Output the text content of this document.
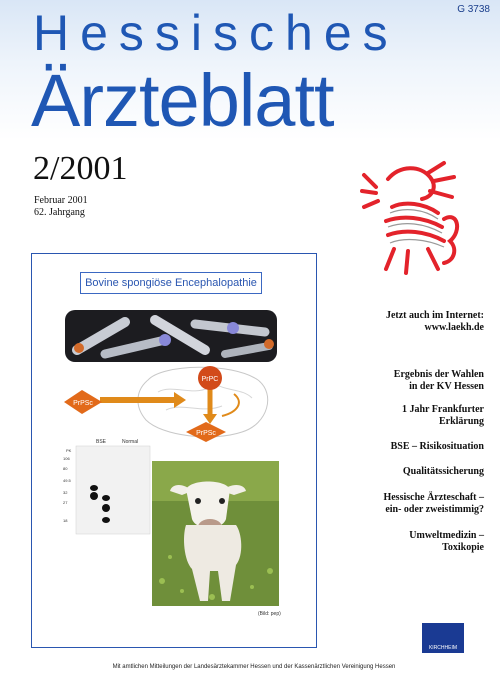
G 3738
Hessisches
Ärzteblatt
2/2001
Februar 2001
62. Jahrgang
Bovine spongiöse Encephalopathie
PrPSc
PrPC
PrPSc
BSE	Normal
PK
106
80
49.5
32
27
18
(Bild: pep)
Jetzt auch im Internet:
www.laekh.de
Ergebnis der Wahlen
in der KV Hessen
1 Jahr Frankfurter
Erklärung
BSE – Risikosituation
Qualitätssicherung
Hessische Ärzteschaft –
ein- oder zweistimmig?
Umweltmedizin –
Toxikopie
KIRCHHEIM
Mit amtlichen Mitteilungen der Landesärztekammer Hessen und der Kassenärztlichen Vereinigung Hessen
